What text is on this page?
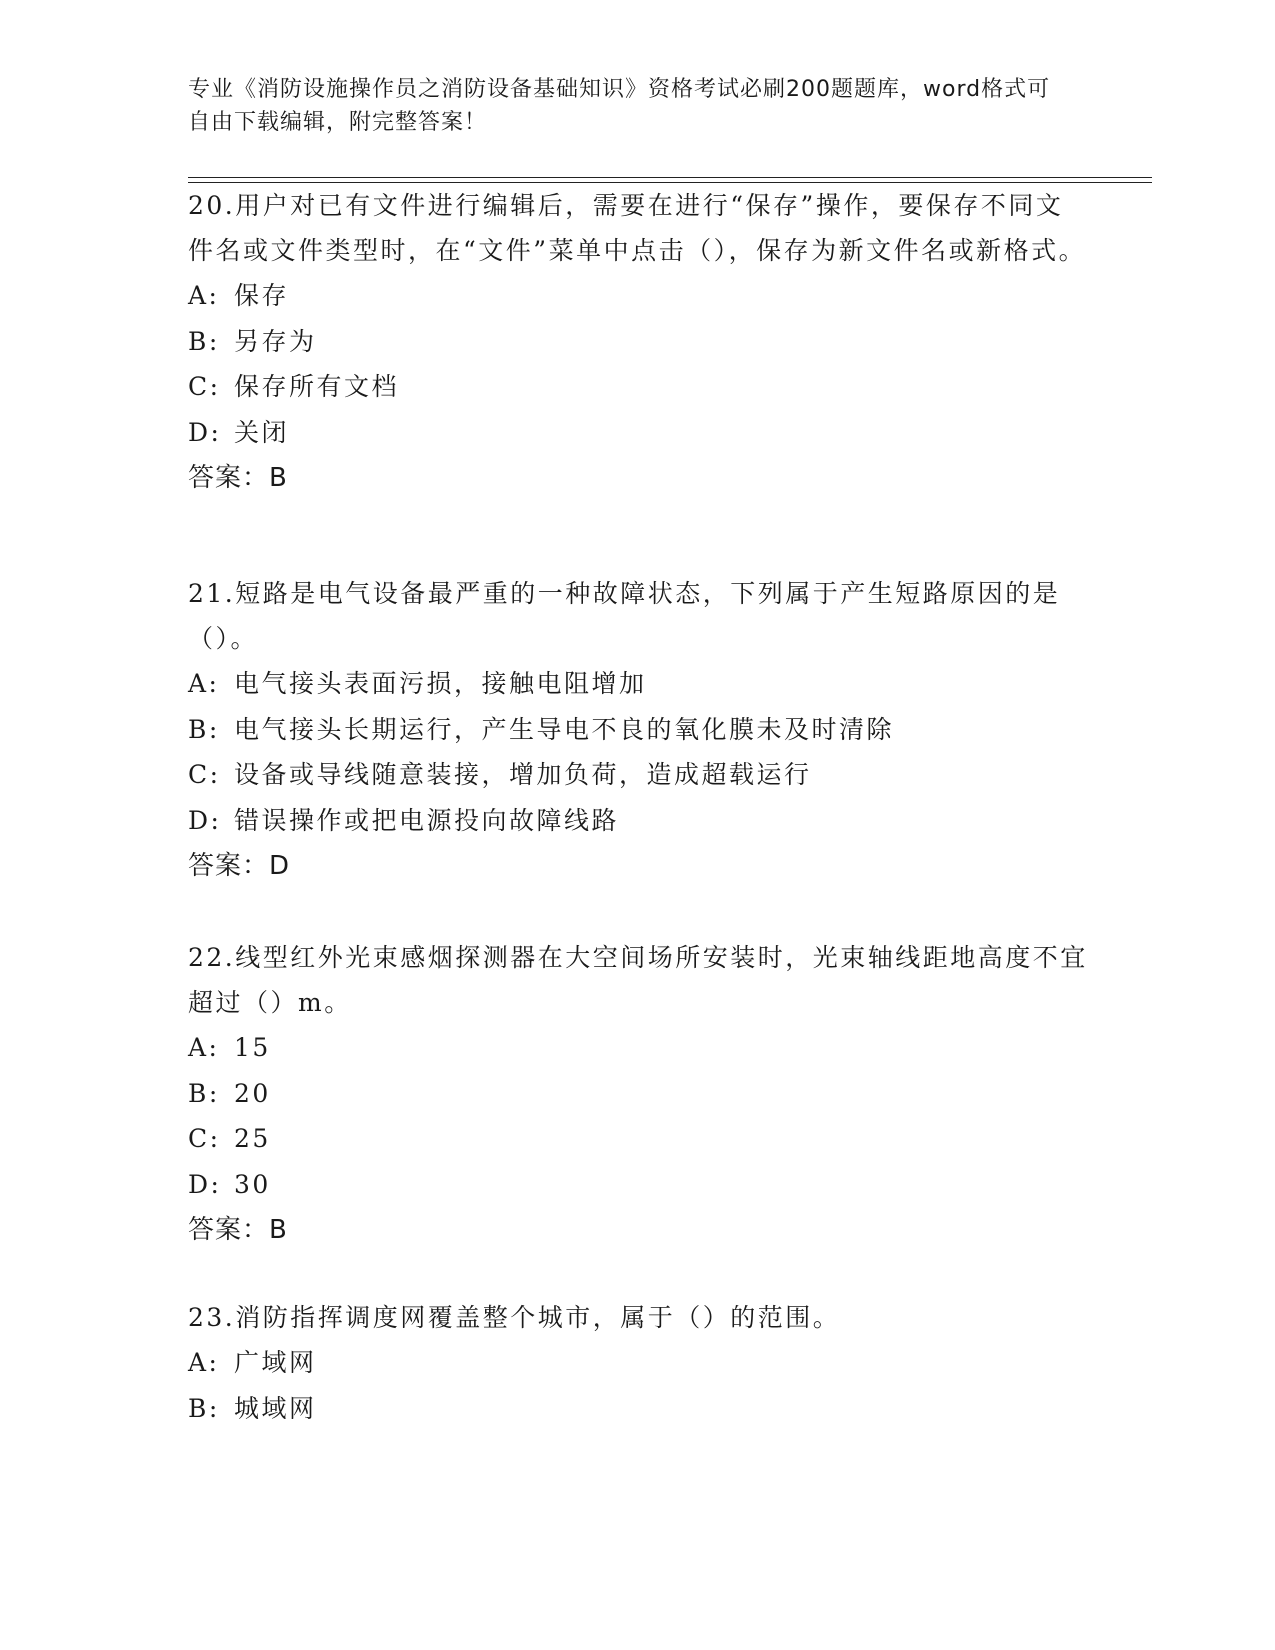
专业《消防设施操作员之消防设备基础知识》资格考试必刷200题题库，word格式可自由下载编辑，附完整答案！

20.用户对已有文件进行编辑后，需要在进行“保存”操作，要保存不同文件名或文件类型时，在“文件”菜单中点击（），保存为新文件名或新格式。

A: 保存

B: 另存为

C: 保存所有文档

D: 关闭

答案：B

21.短路是电气设备最严重的一种故障状态，下列属于产生短路原因的是（）。

A: 电气接头表面污损，接触电阻增加

B: 电气接头长期运行，产生导电不良的氧化膜未及时清除

C: 设备或导线随意装接，增加负荷，造成超载运行

D: 错误操作或把电源投向故障线路

答案：D

22.线型红外光束感烟探测器在大空间场所安装时，光束轴线距地高度不宜超过（）m。

A: 15

B: 20

C: 25

D: 30

答案：B

23.消防指挥调度网覆盖整个城市，属于（）的范围。

A: 广域网

B: 城域网
